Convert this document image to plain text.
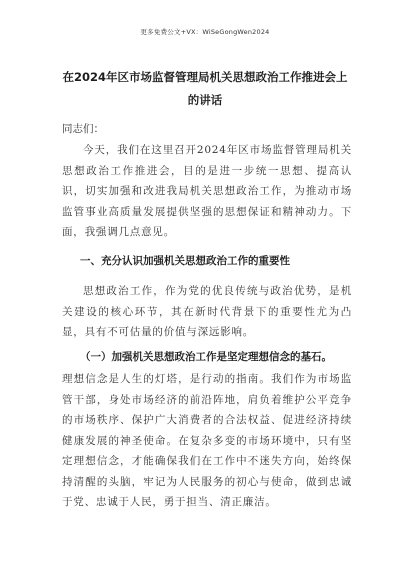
更多免费公文+VX：WiSeGongWen2024
在2024年区市场监督管理局机关思想政治工作推进会上的讲话
同志们：
今天，我们在这里召开2024年区市场监督管理局机关思想政治工作推进会，目的是进一步统一思想、提高认识，切实加强和改进我局机关思想政治工作，为推动市场监管事业高质量发展提供坚强的思想保证和精神动力。下面，我强调几点意见。
一、充分认识加强机关思想政治工作的重要性
思想政治工作，作为党的优良传统与政治优势，是机关建设的核心环节，其在新时代背景下的重要性尤为凸显，具有不可估量的价值与深远影响。
（一）加强机关思想政治工作是坚定理想信念的基石。
理想信念是人生的灯塔，是行动的指南。我们作为市场监管干部，身处市场经济的前沿阵地，肩负着维护公平竞争的市场秩序、保护广大消费者的合法权益、促进经济持续健康发展的神圣使命。在复杂多变的市场环境中，只有坚定理想信念，才能确保我们在工作中不迷失方向，始终保持清醒的头脑，牢记为人民服务的初心与使命，做到忠诚于党、忠诚于人民，勇于担当、清正廉洁。
